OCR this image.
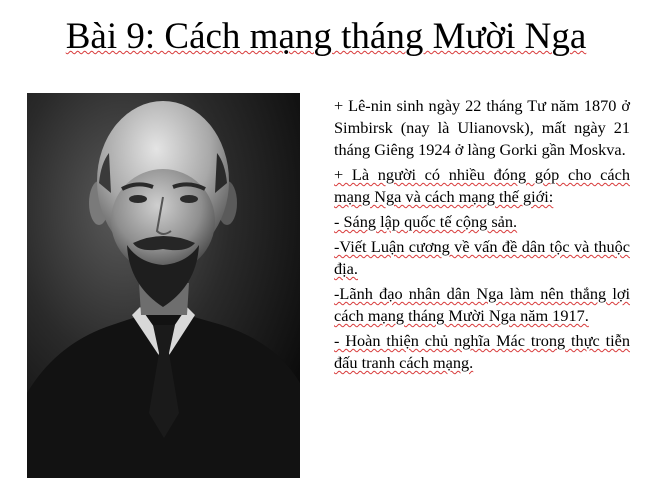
Bài 9: Cách mạng tháng Mười Nga

+ Lê-nin sinh ngày 22 tháng Tư năm 1870 ở Simbirsk (nay là Ulianovsk), mất ngày 21 tháng Giêng 1924 ở làng Gorki gần Moskva.

+ Là người có nhiều đóng góp cho cách mạng Nga và cách mạng thế giới:

- Sáng lập quốc tế cộng sản.

-Viết Luận cương về vấn đề dân tộc và thuộc địa.

-Lãnh đạo nhân dân Nga làm nên thắng lợi cách mạng tháng Mười Nga năm 1917.

- Hoàn thiện chủ nghĩa Mác trong thực tiễn đấu tranh cách mạng.
